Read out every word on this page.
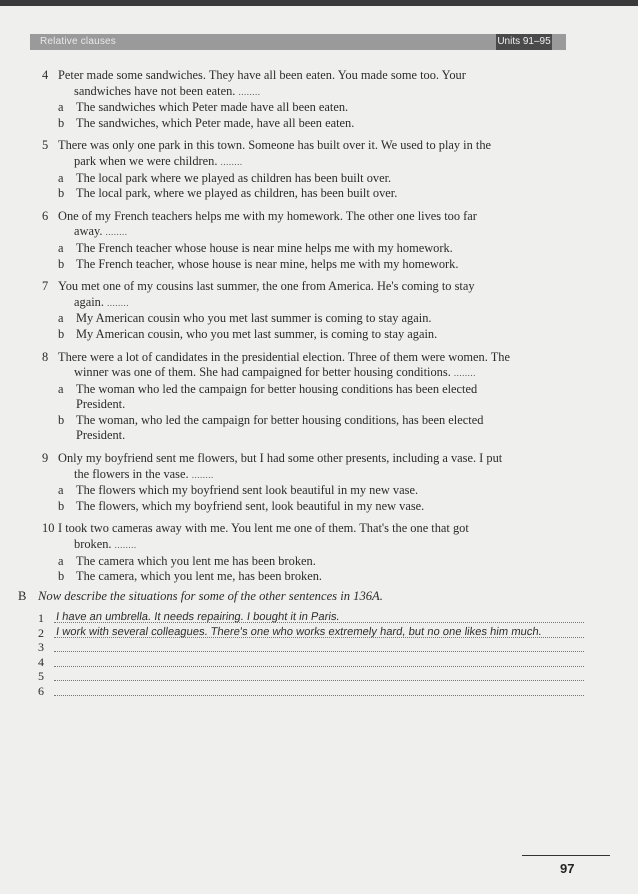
Relative clauses	Units 91–95
4 Peter made some sandwiches. They have all been eaten. You made some too. Your
sandwiches have not been eaten. ........
a The sandwiches which Peter made have all been eaten.
b The sandwiches, which Peter made, have all been eaten.
5 There was only one park in this town. Someone has built over it. We used to play in the
park when we were children. ........
a The local park where we played as children has been built over.
b The local park, where we played as children, has been built over.
6 One of my French teachers helps me with my homework. The other one lives too far
away. ........
a The French teacher whose house is near mine helps me with my homework.
b The French teacher, whose house is near mine, helps me with my homework.
7 You met one of my cousins last summer, the one from America. He's coming to stay
again. ........
a My American cousin who you met last summer is coming to stay again.
b My American cousin, who you met last summer, is coming to stay again.
8 There were a lot of candidates in the presidential election. Three of them were women. The
winner was one of them. She had campaigned for better housing conditions. ........
a The woman who led the campaign for better housing conditions has been elected
President.
b The woman, who led the campaign for better housing conditions, has been elected
President.
9 Only my boyfriend sent me flowers, but I had some other presents, including a vase. I put
the flowers in the vase. ........
a The flowers which my boyfriend sent look beautiful in my new vase.
b The flowers, which my boyfriend sent, look beautiful in my new vase.
10 I took two cameras away with me. You lent me one of them. That's the one that got
broken. ........
a The camera which you lent me has been broken.
b The camera, which you lent me, has been broken.
B Now describe the situations for some of the other sentences in 136A.
1 I have an umbrella. It needs repairing. I bought it in Paris.
2 I work with several colleagues. There's one who works extremely hard, but no one likes him much.
3
4
5
6
97
